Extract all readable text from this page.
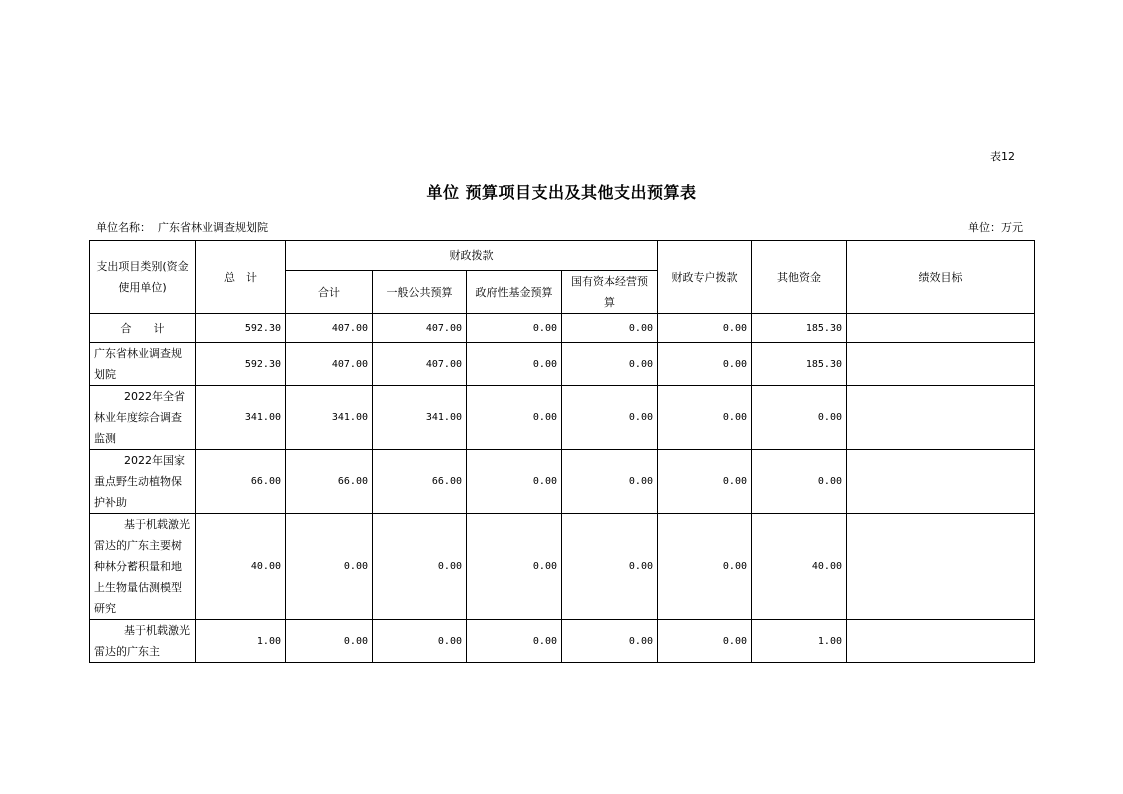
表12
单位 预算项目支出及其他支出预算表
单位名称： 广东省林业调查规划院	单位：万元
支出项目类别(资金使用单位)	总　计	财政拨款				财政专户拨款	其他资金	绩效目标
		合计	一般公共预算	政府性基金预算	国有资本经营预算			
合　　计	592.30	407.00	407.00	0.00	0.00	0.00	185.30	
广东省林业调查规划院	592.30	407.00	407.00	0.00	0.00	0.00	185.30	
2022年全省林业年度综合调查监测	341.00	341.00	341.00	0.00	0.00	0.00	0.00	
2022年国家重点野生动植物保护补助	66.00	66.00	66.00	0.00	0.00	0.00	0.00	
基于机载激光雷达的广东主要树种林分蓄积量和地上生物量估测模型研究	40.00	0.00	0.00	0.00	0.00	0.00	40.00	
基于机载激光雷达的广东主	1.00	0.00	0.00	0.00	0.00	0.00	1.00	
